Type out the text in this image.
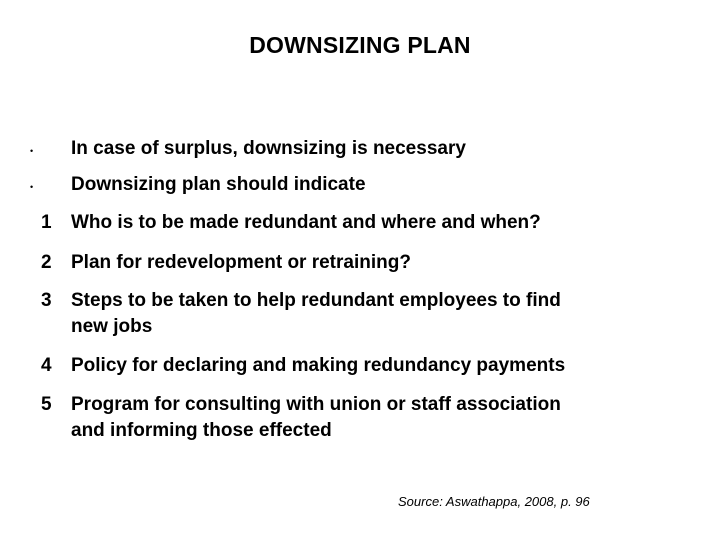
DOWNSIZING PLAN
• In case of surplus, downsizing is necessary
• Downsizing plan should indicate
1	Who is to be made redundant and where and when?
2	Plan for redevelopment or retraining?
3	Steps to be taken to help redundant employees to find
new jobs
4	Policy for declaring and making redundancy payments
5	Program for consulting with union or staff association
and informing those effected
Source: Aswathappa, 2008, p. 96
